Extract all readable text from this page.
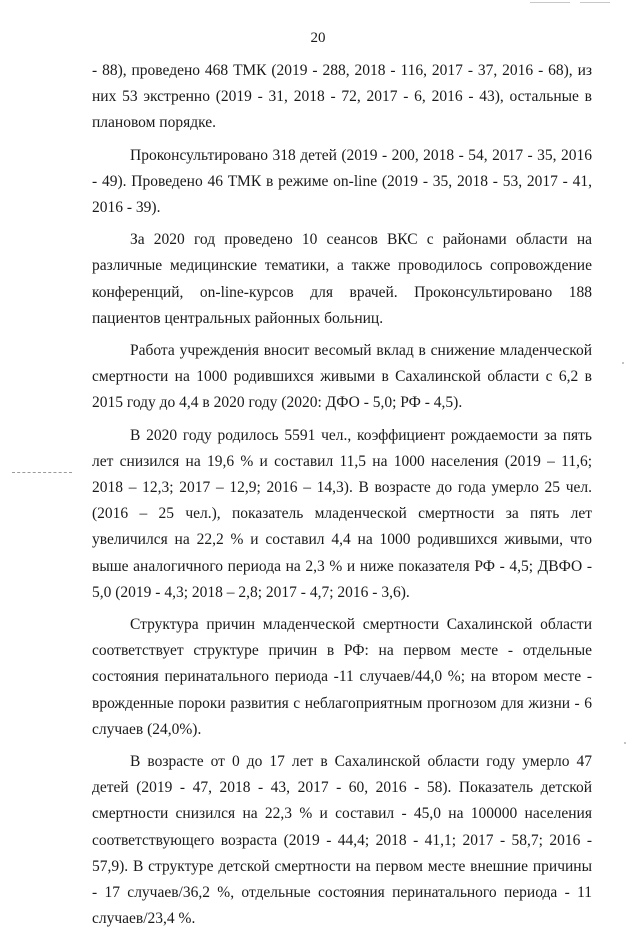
20

- 88), проведено 468 ТМК (2019 - 288, 2018 - 116, 2017 - 37, 2016 - 68), из них 53 экстренно (2019 - 31, 2018 - 72, 2017 - 6, 2016 - 43), остальные в плановом порядке.

Проконсультировано 318 детей (2019 - 200, 2018 - 54, 2017 - 35, 2016 - 49). Проведено 46 ТМК в режиме on-line (2019 - 35, 2018 - 53, 2017 - 41, 2016 - 39).

За 2020 год проведено 10 сеансов ВКС с районами области на различные медицинские тематики, а также проводилось сопровождение конференций, on-line-курсов для врачей. Проконсультировано 188 пациентов центральных районных больниц.

Работа учреждения вносит весомый вклад в снижение младенческой смертности на 1000 родившихся живыми в Сахалинской области с 6,2 в 2015 году до 4,4 в 2020 году (2020: ДФО - 5,0; РФ - 4,5).

В 2020 году родилось 5591 чел., коэффициент рождаемости за пять лет снизился на 19,6 % и составил 11,5 на 1000 населения (2019 – 11,6; 2018 – 12,3; 2017 – 12,9; 2016 – 14,3). В возрасте до года умерло 25 чел. (2016 – 25 чел.), показатель младенческой смертности за пять лет увеличился на 22,2 % и составил 4,4 на 1000 родившихся живыми, что выше аналогичного периода на 2,3 % и ниже показателя РФ - 4,5; ДВФО - 5,0 (2019 - 4,3; 2018 – 2,8; 2017 - 4,7; 2016 - 3,6).

Структура причин младенческой смертности Сахалинской области соответствует структуре причин в РФ: на первом месте - отдельные состояния перинатального периода -11 случаев/44,0 %; на втором месте - врожденные пороки развития с неблагоприятным прогнозом для жизни - 6 случаев (24,0%).

В возрасте от 0 до 17 лет в Сахалинской области году умерло 47 детей (2019 - 47, 2018 - 43, 2017 - 60, 2016 - 58). Показатель детской смертности снизился на 22,3 % и составил - 45,0 на 100000 населения соответствующего возраста (2019 - 44,4; 2018 - 41,1; 2017 - 58,7; 2016 - 57,9). В структуре детской смертности на первом месте внешние причины - 17 случаев/36,2 %, отдельные состояния перинатального периода - 11 случаев/23,4 %.
